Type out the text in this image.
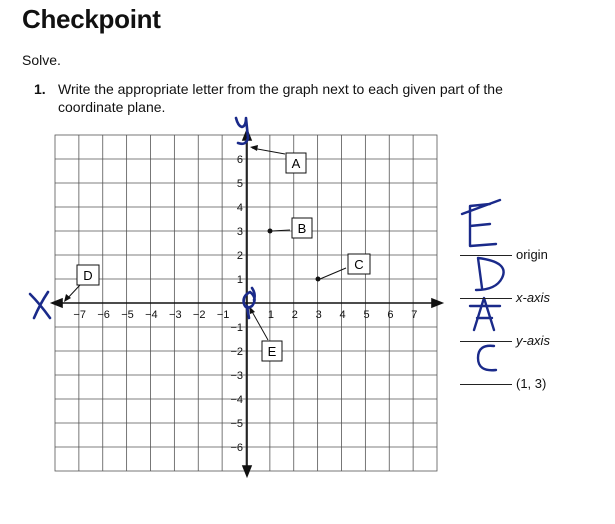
Checkpoint
Solve.
1. Write the appropriate letter from the graph next to each given part of the coordinate plane.
−7 −6 −5 −4 −3 −2 −1	1 2 3 4 5 6 7
6
5
4
3
2
1
−1
−2
−3
−4
−5
−6
A
B
C
D
E
origin
x-axis
y-axis
(1, 3)
